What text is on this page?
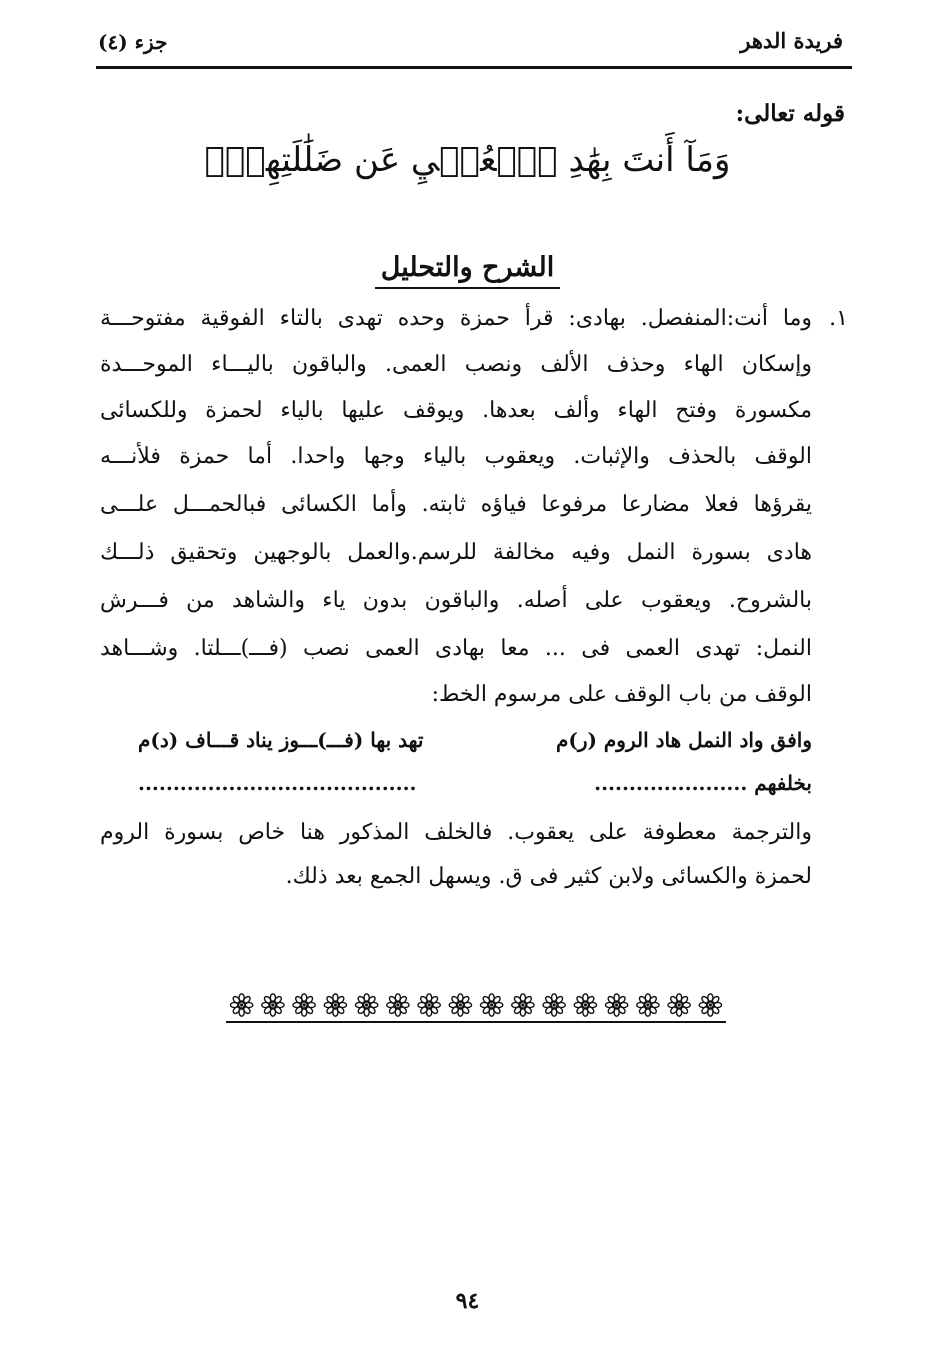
فريدة الدهر
جزء (٤)
قوله تعالى:
وَمَآ أَنتَ بِهَٰدِ ٱلۡعُمۡيِ عَن ضَلَٰلَتِهِمۡۖ
الشرح والتحليل
١.
وما أنت:المنفصل. بهادى: قرأ حمزة وحده تهدى بالتاء الفوقية مفتوحـــة
وإسكان الهاء وحذف الألف ونصب العمى. والباقون باليـــاء الموحـــدة
مكسورة وفتح الهاء وألف بعدها. ويوقف عليها بالياء لحمزة وللكسائى
الوقف بالحذف والإثبات. ويعقوب بالياء وجها واحدا. أما حمزة فلأنـــه
يقرؤها فعلا مضارعا مرفوعا فياؤه ثابته. وأما الكسائى فبالحمـــل علـــى
هادى بسورة النمل وفيه مخالفة للرسم.والعمل بالوجهين وتحقيق ذلـــك
بالشروح. ويعقوب على أصله. والباقون بدون ياء والشاهد من فـــرش
النمل: تهدى العمى فى ... معا بهادى العمى نصب (فـــ)ـــلتا. وشـــاهد
الوقف من باب الوقف على مرسوم الخط:
وافق واد النمل هاد الروم (ر)م
تهد بها (فـــ)ـــوز يناد قـــاف (د)م
بخلفهم ......................
........................................
والترجمة معطوفة على يعقوب. فالخلف المذكور هنا خاص بسورة الروم
لحمزة والكسائى ولابن كثير فى ق. ويسهل الجمع بعد ذلك.
٩٤
